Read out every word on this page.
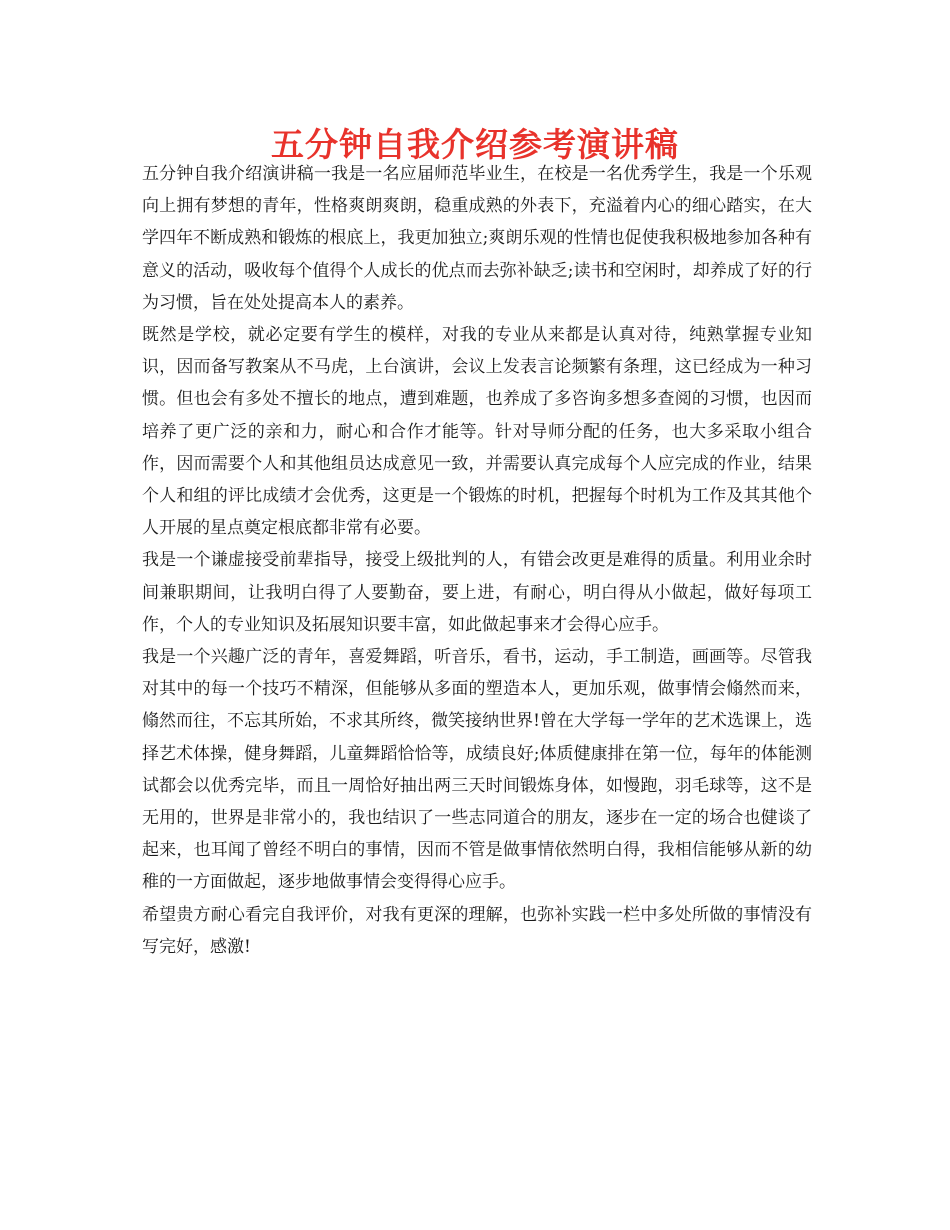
五分钟自我介绍参考演讲稿

五分钟自我介绍演讲稿一我是一名应届师范毕业生，在校是一名优秀学生，我是一个乐观向上拥有梦想的青年，性格爽朗爽朗，稳重成熟的外表下，充溢着内心的细心踏实，在大学四年不断成熟和锻炼的根底上，我更加独立;爽朗乐观的性情也促使我积极地参加各种有意义的活动，吸收每个值得个人成长的优点而去弥补缺乏;读书和空闲时，却养成了好的行为习惯，旨在处处提高本人的素养。

既然是学校，就必定要有学生的模样，对我的专业从来都是认真对待，纯熟掌握专业知识，因而备写教案从不马虎，上台演讲，会议上发表言论频繁有条理，这已经成为一种习惯。但也会有多处不擅长的地点，遭到难题，也养成了多咨询多想多查阅的习惯，也因而培养了更广泛的亲和力，耐心和合作才能等。针对导师分配的任务，也大多采取小组合作，因而需要个人和其他组员达成意见一致，并需要认真完成每个人应完成的作业，结果个人和组的评比成绩才会优秀，这更是一个锻炼的时机，把握每个时机为工作及其其他个人开展的星点奠定根底都非常有必要。

我是一个谦虚接受前辈指导，接受上级批判的人，有错会改更是难得的质量。利用业余时间兼职期间，让我明白得了人要勤奋，要上进，有耐心，明白得从小做起，做好每项工作，个人的专业知识及拓展知识要丰富，如此做起事来才会得心应手。

我是一个兴趣广泛的青年，喜爱舞蹈，听音乐，看书，运动，手工制造，画画等。尽管我对其中的每一个技巧不精深，但能够从多面的塑造本人，更加乐观，做事情会翛然而来，翛然而往，不忘其所始，不求其所终，微笑接纳世界!曾在大学每一学年的艺术选课上，选择艺术体操，健身舞蹈，儿童舞蹈恰恰等，成绩良好;体质健康排在第一位，每年的体能测试都会以优秀完毕，而且一周恰好抽出两三天时间锻炼身体，如慢跑，羽毛球等，这不是无用的，世界是非常小的，我也结识了一些志同道合的朋友，逐步在一定的场合也健谈了起来，也耳闻了曾经不明白的事情，因而不管是做事情依然明白得，我相信能够从新的幼稚的一方面做起，逐步地做事情会变得得心应手。

希望贵方耐心看完自我评价，对我有更深的理解，也弥补实践一栏中多处所做的事情没有写完好，感激!
